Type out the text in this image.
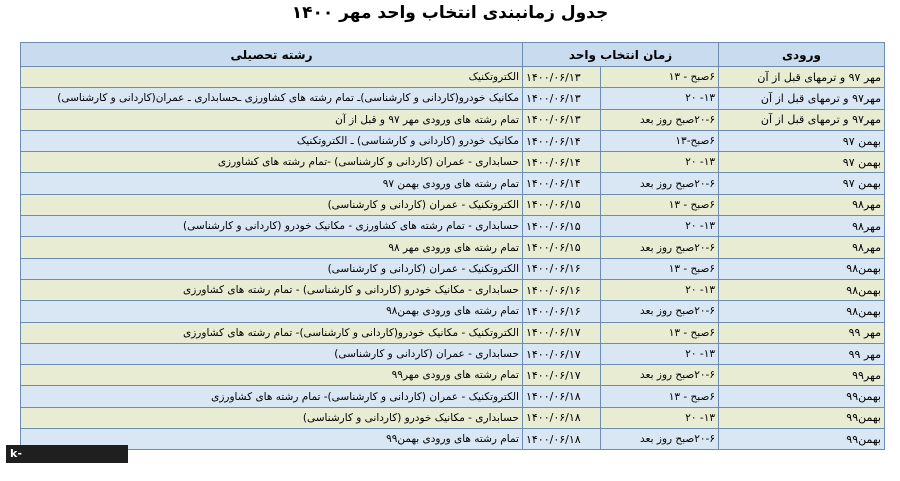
جدول زمانبندی انتخاب واحد مهر ۱۴۰۰
ورودی	زمان انتخاب واحد		رشته تحصیلی
مهر ۹۷ و ترمهای قبل از آن	۶صبح - ۱۳	۱۴۰۰/۰۶/۱۳	الکتروتکنیک
مهر۹۷ و ترمهای قبل از آن	۱۳- ۲۰	۱۴۰۰/۰۶/۱۳	مکانیک خودرو(کاردانی و کارشناسی)ـ تمام رشته های کشاورزی ـحسابداری ـ عمران(کاردانی و کارشناسی)
مهر۹۷ و ترمهای قبل از آن	۲۰-۶صبح روز بعد	۱۴۰۰/۰۶/۱۳	تمام رشته های ورودی مهر ۹۷ و قبل از آن
بهمن ۹۷	۶صبح-۱۳	۱۴۰۰/۰۶/۱۴	مکانیک خودرو (کاردانی و کارشناسی) ـ الکتروتکنیک
بهمن ۹۷	۱۳- ۲۰	۱۴۰۰/۰۶/۱۴	حسابداری - عمران (کاردانی و کارشناسی) -تمام رشته های کشاورزی
بهمن ۹۷	۲۰-۶صبح روز بعد	۱۴۰۰/۰۶/۱۴	تمام رشته های ورودی بهمن ۹۷
مهر۹۸	۶صبح - ۱۳	۱۴۰۰/۰۶/۱۵	الکتروتکنیک - عمران (کاردانی و کارشناسی)
مهر۹۸	۱۳- ۲۰	۱۴۰۰/۰۶/۱۵	حسابداری - تمام رشته های کشاورزی - مکانیک خودرو (کاردانی و کارشناسی)
مهر۹۸	۲۰-۶صبح روز بعد	۱۴۰۰/۰۶/۱۵	تمام رشته های ورودی مهر ۹۸
بهمن۹۸	۶صبح - ۱۳	۱۴۰۰/۰۶/۱۶	الکتروتکنیک - عمران (کاردانی و کارشناسی)
بهمن۹۸	۱۳- ۲۰	۱۴۰۰/۰۶/۱۶	حسابداری - مکانیک خودرو (کاردانی و کارشناسی) - تمام رشته های کشاورزی
بهمن۹۸	۲۰-۶صبح روز بعد	۱۴۰۰/۰۶/۱۶	تمام رشته های ورودی بهمن۹۸
مهر ۹۹	۶صبح - ۱۳	۱۴۰۰/۰۶/۱۷	الکتروتکنیک - مکانیک خودرو(کاردانی و کارشناسی)- تمام رشته های کشاورزی
مهر ۹۹	۱۳- ۲۰	۱۴۰۰/۰۶/۱۷	حسابداری - عمران (کاردانی و کارشناسی)
مهر۹۹	۲۰-۶صبح روز بعد	۱۴۰۰/۰۶/۱۷	تمام رشته های ورودی مهر۹۹
بهمن۹۹	۶صبح - ۱۳	۱۴۰۰/۰۶/۱۸	الکتروتکنیک - عمران (کاردانی و کارشناسی)- تمام رشته های کشاورزی
بهمن۹۹	۱۳- ۲۰	۱۴۰۰/۰۶/۱۸	حسابداری - مکانیک خودرو (کاردانی و کارشناسی)
بهمن۹۹	۲۰-۶صبح روز بعد	۱۴۰۰/۰۶/۱۸	تمام رشته های ورودی بهمن۹۹
k-maragheh.tvu.ac.ir
